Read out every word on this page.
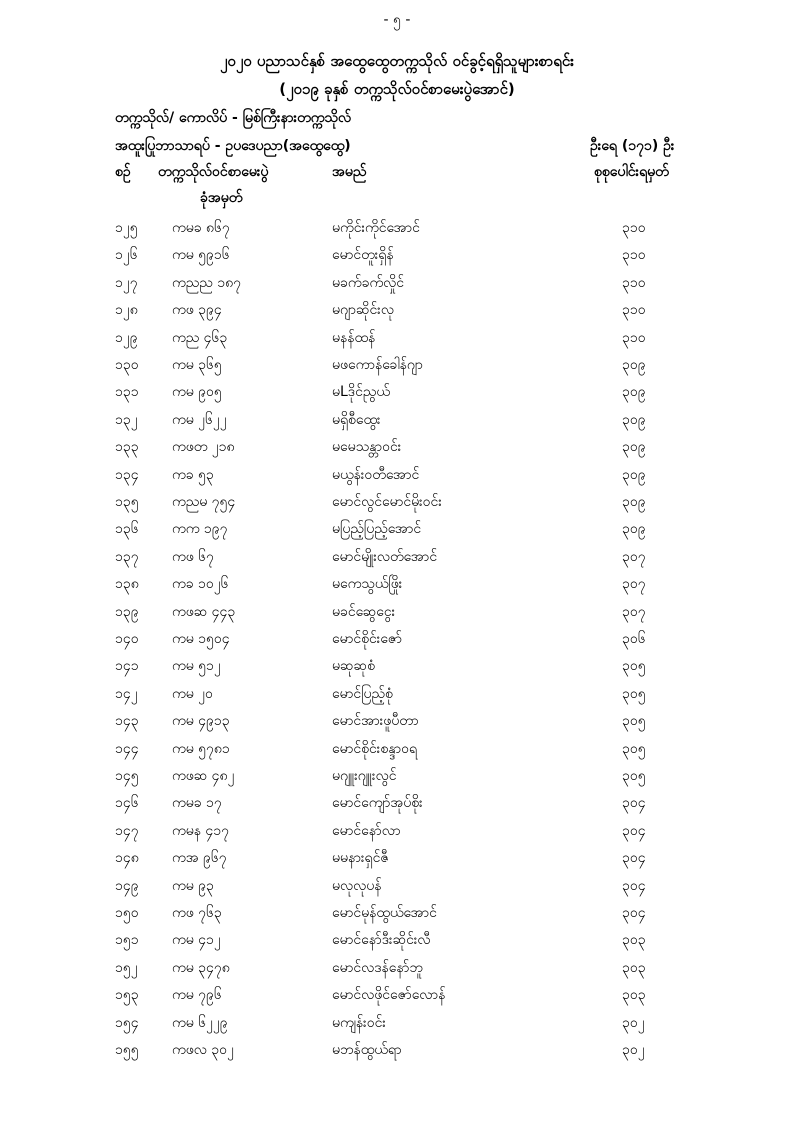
- ၅ -
၂၀၂၀ ပညာသင်နှစ် အထွေထွေတက္ကသိုလ် ဝင်ခွင့်ရရှိသူများစာရင်း
(၂၀၁၉ ခုနှစ် တက္ကသိုလ်ဝင်စာမေးပွဲအောင်)
တက္ကသိုလ်/ ကောလိပ် - မြစ်ကြီးနားတက္ကသိုလ်
အထူးပြုဘာသာရပ် - ဥပဒေပညာ(အထွေထွေ)	ဦးရေ (၁၇၁) ဦး
စဉ် တက္ကသိုလ်ဝင်စာမေးပွဲ
ခုံအမှတ်
အမည်	စုစုပေါင်းရမှတ်
၁၂၅ ကမခ ၈၆၇	မကိုင်းကိုင်အောင်	၃၁၀
၁၂၆ ကမ ၅၉၁၆	မောင်တူးရှိန်	၃၁၀
၁၂၇ ကညည ၁၈၇	မခက်ခက်လှိုင်	၃၁၀
၁၂၈ ကဖ ၃၉၄	မဂျာဆိုင်းလု	၃၁၀
၁၂၉ ကည ၄၆၃	မနန်ထန်	၃၁၀
၁၃၀ ကမ ၃၆၅	မဖကောန်ခေါန်ဂျာ	၃၀၉
၁၃၁ ကမ ၉၀၅	မLဒိုင်ညွယ်	၃၀၉
၁၃၂ ကမ ၂၆၂၂	မရှိစီထွေး	၃၀၉
၁၃၃ ကဖတ ၂၁၈	မမေသန္တာဝင်း	၃၀၉
၁၃၄ ကခ ၅၃	မယွန်းဝတီအောင်	၃၀၉
၁၃၅ ကညမ ၇၅၄	မောင်လွင်မောင်မိုးဝင်း	၃၀၉
၁၃၆ ကက ၁၉၇	မပြည့်ပြည့်အောင်	၃၀၉
၁၃၇ ကဖ ၆၇	မောင်မျိုးလတ်အောင်	၃၀၇
၁၃၈ ကခ ၁၀၂၆	မကေသွယ်ဖြိုး	၃၀၇
၁၃၉ ကဖဆ ၄၄၃	မခင်ဆွေငွေး	၃၀၇
၁၄၀ ကမ ၁၅၀၄	မောင်စိုင်းဇော်	၃၀၆
၁၄၁ ကမ ၅၁၂	မဆုဆုစံ	၃၀၅
၁၄၂ ကမ ၂၀	မောင်ပြည့်စုံ	၃၀၅
၁၄၃ ကမ ၄၉၁၃	မောင်အားဖူပီတာ	၃၀၅
၁၄၄ ကမ ၅၇၈၁	မောင်စိုင်းစန္ဒာဝရ	၃၀၅
၁၄၅ ကဖဆ ၄၈၂	မဂျူးဂျူးလွင်	၃၀၅
၁၄၆ ကမခ ၁၇	မောင်ကျော်အုပ်စိုး	၃၀၄
၁၄၇ ကမန ၄၁၇	မောင်နော်လာ	၃၀၄
၁၄၈ ကအ ၉၆၇	မမနားရှင်ဇီ	၃၀၄
၁၄၉ ကမ ၉၃	မလုလုပန်	၃၀၄
၁၅၀ ကဖ ၇၆၃	မောင်မုန်ထွယ်အောင်	၃၀၄
၁၅၁ ကမ ၄၁၂	မောင်နော်ဒီးဆိုင်းလီ	၃၀၃
၁၅၂ ကမ ၃၄၇၈	မောင်လဒန်နော်ဘူ	၃၀၃
၁၅၃ ကမ ၇၉၆	မောင်လဖိုင်ဇော်လောန်	၃၀၃
၁၅၄ ကမ ၆၂၂၉	မကျန်းဝင်း	၃၀၂
၁၅၅ ကဖလ ၃၀၂	မဘန်ထွယ်ရာ	၃၀၂
